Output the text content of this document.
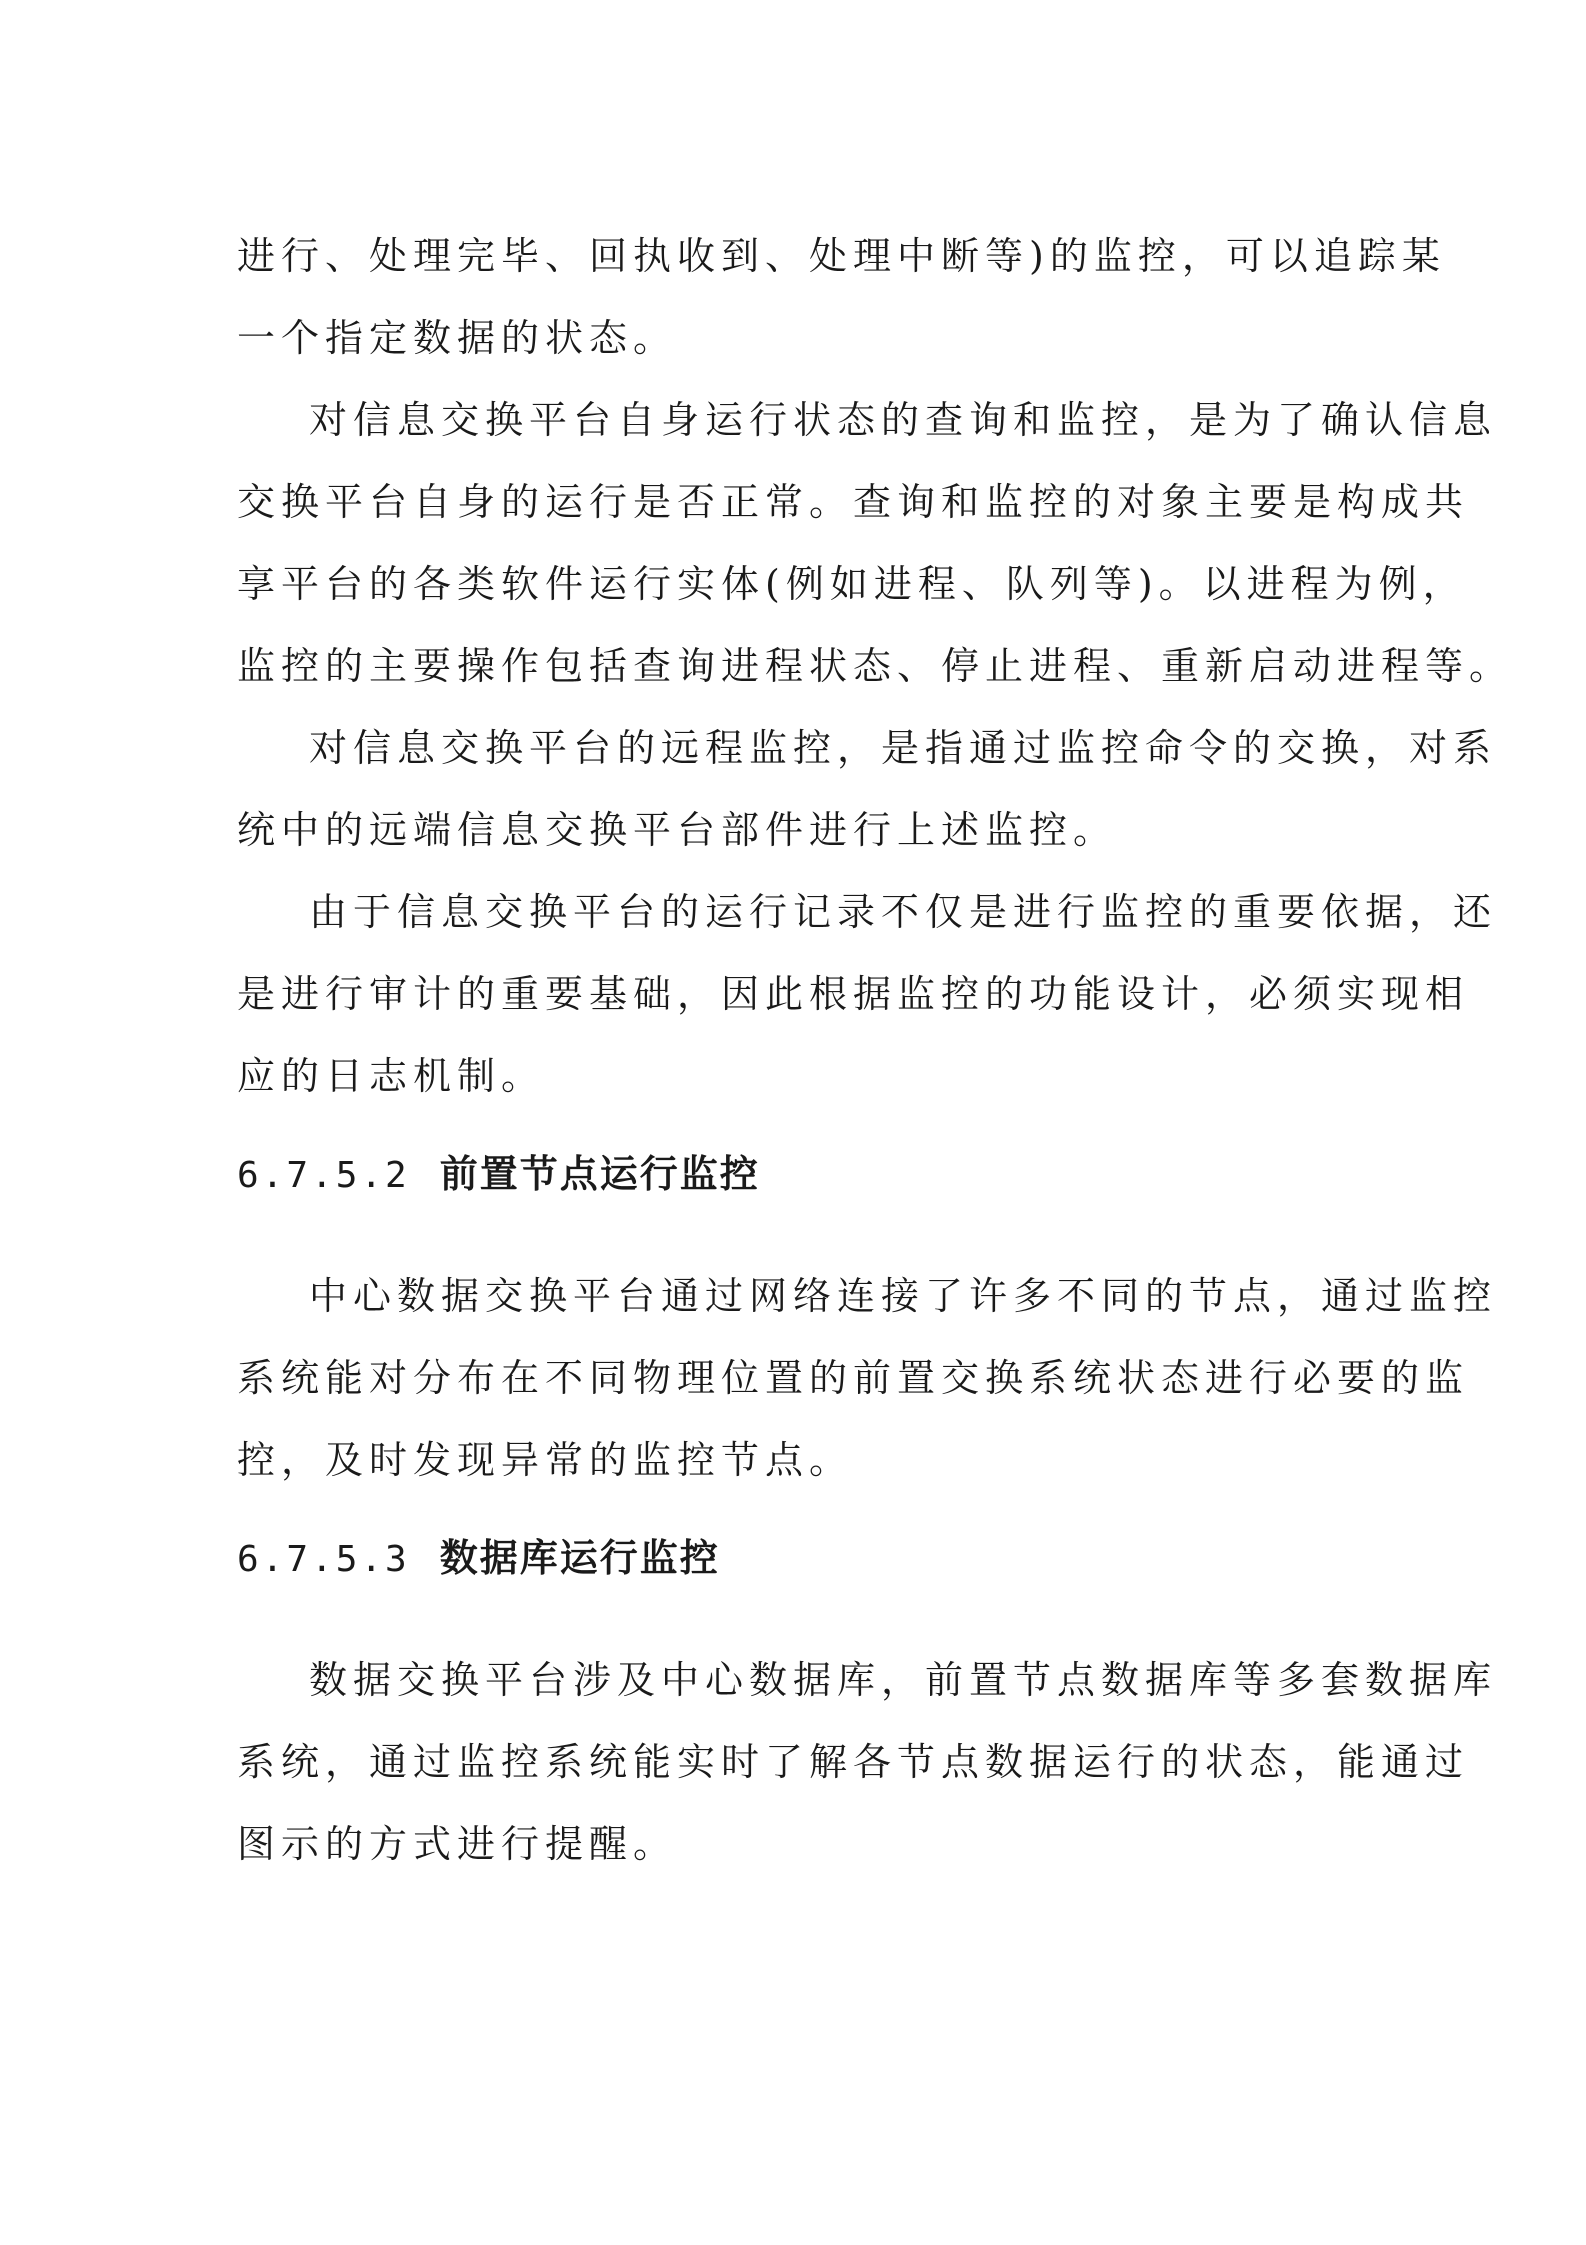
进行、处理完毕、回执收到、处理中断等)的监控，可以追踪某
一个指定数据的状态。
对信息交换平台自身运行状态的查询和监控，是为了确认信息
交换平台自身的运行是否正常。查询和监控的对象主要是构成共
享平台的各类软件运行实体(例如进程、队列等)。以进程为例，
监控的主要操作包括查询进程状态、停止进程、重新启动进程等。
对信息交换平台的远程监控，是指通过监控命令的交换，对系
统中的远端信息交换平台部件进行上述监控。
由于信息交换平台的运行记录不仅是进行监控的重要依据，还
是进行审计的重要基础，因此根据监控的功能设计，必须实现相
应的日志机制。
6.7.5.2 前置节点运行监控
中心数据交换平台通过网络连接了许多不同的节点，通过监控
系统能对分布在不同物理位置的前置交换系统状态进行必要的监
控，及时发现异常的监控节点。
6.7.5.3 数据库运行监控
数据交换平台涉及中心数据库，前置节点数据库等多套数据库
系统，通过监控系统能实时了解各节点数据运行的状态，能通过
图示的方式进行提醒。
